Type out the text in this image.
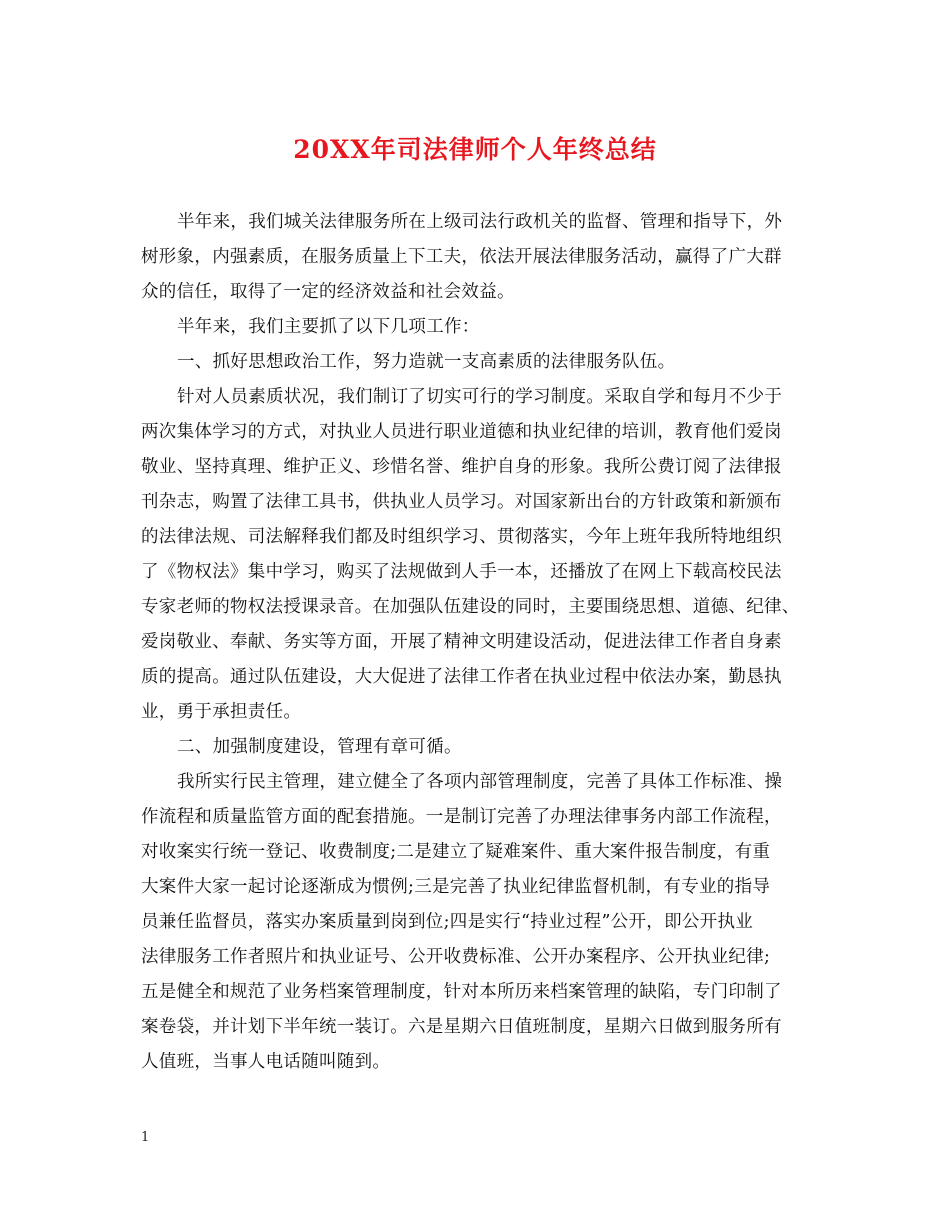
20XX年司法律师个人年终总结

半年来，我们城关法律服务所在上级司法行政机关的监督、管理和指导下，外
树形象，内强素质，在服务质量上下工夫，依法开展法律服务活动，赢得了广大群
众的信任，取得了一定的经济效益和社会效益。

半年来，我们主要抓了以下几项工作：

一、抓好思想政治工作，努力造就一支高素质的法律服务队伍。

针对人员素质状况，我们制订了切实可行的学习制度。采取自学和每月不少于
两次集体学习的方式，对执业人员进行职业道德和执业纪律的培训，教育他们爱岗
敬业、坚持真理、维护正义、珍惜名誉、维护自身的形象。我所公费订阅了法律报
刊杂志，购置了法律工具书，供执业人员学习。对国家新出台的方针政策和新颁布
的法律法规、司法解释我们都及时组织学习、贯彻落实，今年上班年我所特地组织
了《物权法》集中学习，购买了法规做到人手一本，还播放了在网上下载高校民法
专家老师的物权法授课录音。在加强队伍建设的同时，主要围绕思想、道德、纪律、
爱岗敬业、奉献、务实等方面，开展了精神文明建设活动，促进法律工作者自身素
质的提高。通过队伍建设，大大促进了法律工作者在执业过程中依法办案，勤恳执
业，勇于承担责任。

二、加强制度建设，管理有章可循。

我所实行民主管理，建立健全了各项内部管理制度，完善了具体工作标准、操
作流程和质量监管方面的配套措施。一是制订完善了办理法律事务内部工作流程，
对收案实行统一登记、收费制度;二是建立了疑难案件、重大案件报告制度，有重
大案件大家一起讨论逐渐成为惯例;三是完善了执业纪律监督机制，有专业的指导
员兼任监督员，落实办案质量到岗到位;四是实行“持业过程”公开，即公开执业
法律服务工作者照片和执业证号、公开收费标准、公开办案程序、公开执业纪律;
五是健全和规范了业务档案管理制度，针对本所历来档案管理的缺陷，专门印制了
案卷袋，并计划下半年统一装订。六是星期六日值班制度，星期六日做到服务所有
人值班，当事人电话随叫随到。

1
